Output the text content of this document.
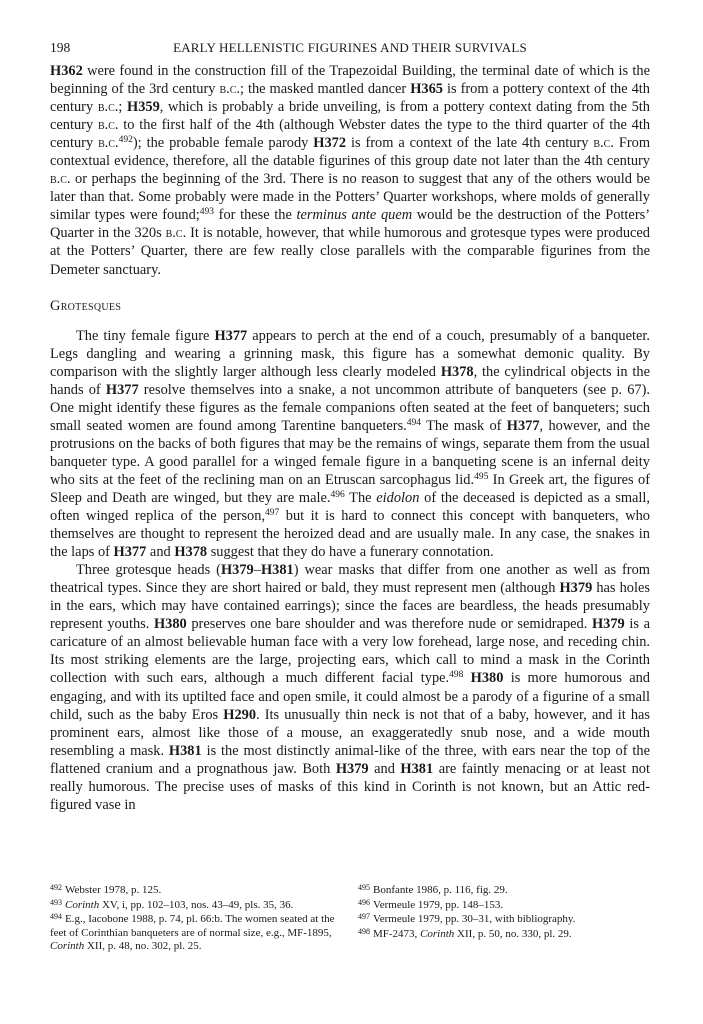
198	EARLY HELLENISTIC FIGURINES AND THEIR SURVIVALS

H362 were found in the construction fill of the Trapezoidal Building, the terminal date of which is the beginning of the 3rd century b.c.; the masked mantled dancer H365 is from a pottery context of the 4th century b.c.; H359, which is probably a bride unveiling, is from a pottery context dating from the 5th century b.c. to the first half of the 4th (although Webster dates the type to the third quarter of the 4th century b.c.$^{492}$); the probable female parody H372 is from a context of the late 4th century b.c. From contextual evidence, therefore, all the datable figurines of this group date not later than the 4th century b.c. or perhaps the beginning of the 3rd. There is no reason to suggest that any of the others would be later than that. Some probably were made in the Potters’ Quarter workshops, where molds of generally similar types were found;$^{493}$ for these the terminus ante quem would be the destruction of the Potters’ Quarter in the 320s b.c. It is notable, however, that while humorous and grotesque types were produced at the Potters’ Quarter, there are few really close parallels with the comparable figurines from the Demeter sanctuary.

Grotesques

The tiny female figure H377 appears to perch at the end of a couch, presumably of a banqueter. Legs dangling and wearing a grinning mask, this figure has a somewhat demonic quality. By comparison with the slightly larger although less clearly modeled H378, the cylindrical objects in the hands of H377 resolve themselves into a snake, a not uncommon attribute of banqueters (see p. 67). One might identify these figures as the female companions often seated at the feet of banqueters; such small seated women are found among Tarentine banqueters.$^{494}$ The mask of H377, however, and the protrusions on the backs of both figures that may be the remains of wings, separate them from the usual banqueter type. A good parallel for a winged female figure in a banqueting scene is an infernal deity who sits at the feet of the reclining man on an Etruscan sarcophagus lid.$^{495}$ In Greek art, the figures of Sleep and Death are winged, but they are male.$^{496}$ The eidolon of the deceased is depicted as a small, often winged replica of the person,$^{497}$ but it is hard to connect this concept with banqueters, who themselves are thought to represent the heroized dead and are usually male. In any case, the snakes in the laps of H377 and H378 suggest that they do have a funerary connotation.

Three grotesque heads (H379–H381) wear masks that differ from one another as well as from theatrical types. Since they are short haired or bald, they must represent men (although H379 has holes in the ears, which may have contained earrings); since the faces are beardless, the heads presumably represent youths. H380 preserves one bare shoulder and was therefore nude or semidraped. H379 is a caricature of an almost believable human face with a very low forehead, large nose, and receding chin. Its most striking elements are the large, projecting ears, which call to mind a mask in the Corinth collection with such ears, although a much different facial type.$^{498}$ H380 is more humorous and engaging, and with its uptilted face and open smile, it could almost be a parody of a figurine of a small child, such as the baby Eros H290. Its unusually thin neck is not that of a baby, however, and it has prominent ears, almost like those of a mouse, an exaggeratedly snub nose, and a wide mouth resembling a mask. H381 is the most distinctly animal-like of the three, with ears near the top of the flattened cranium and a prognathous jaw. Both H379 and H381 are faintly menacing or at least not really humorous. The precise uses of masks of this kind in Corinth is not known, but an Attic red-figured vase in

$^{492}$ Webster 1978, p. 125.

$^{493}$ Corinth XV, i, pp. 102–103, nos. 43–49, pls. 35, 36.

$^{494}$ E.g., Iacobone 1988, p. 74, pl. 66:b. The women seated at the feet of Corinthian banqueters are of normal size, e.g., MF-1895, Corinth XII, p. 48, no. 302, pl. 25.

$^{495}$ Bonfante 1986, p. 116, fig. 29.

$^{496}$ Vermeule 1979, pp. 148–153.

$^{497}$ Vermeule 1979, pp. 30–31, with bibliography.

$^{498}$ MF-2473, Corinth XII, p. 50, no. 330, pl. 29.
